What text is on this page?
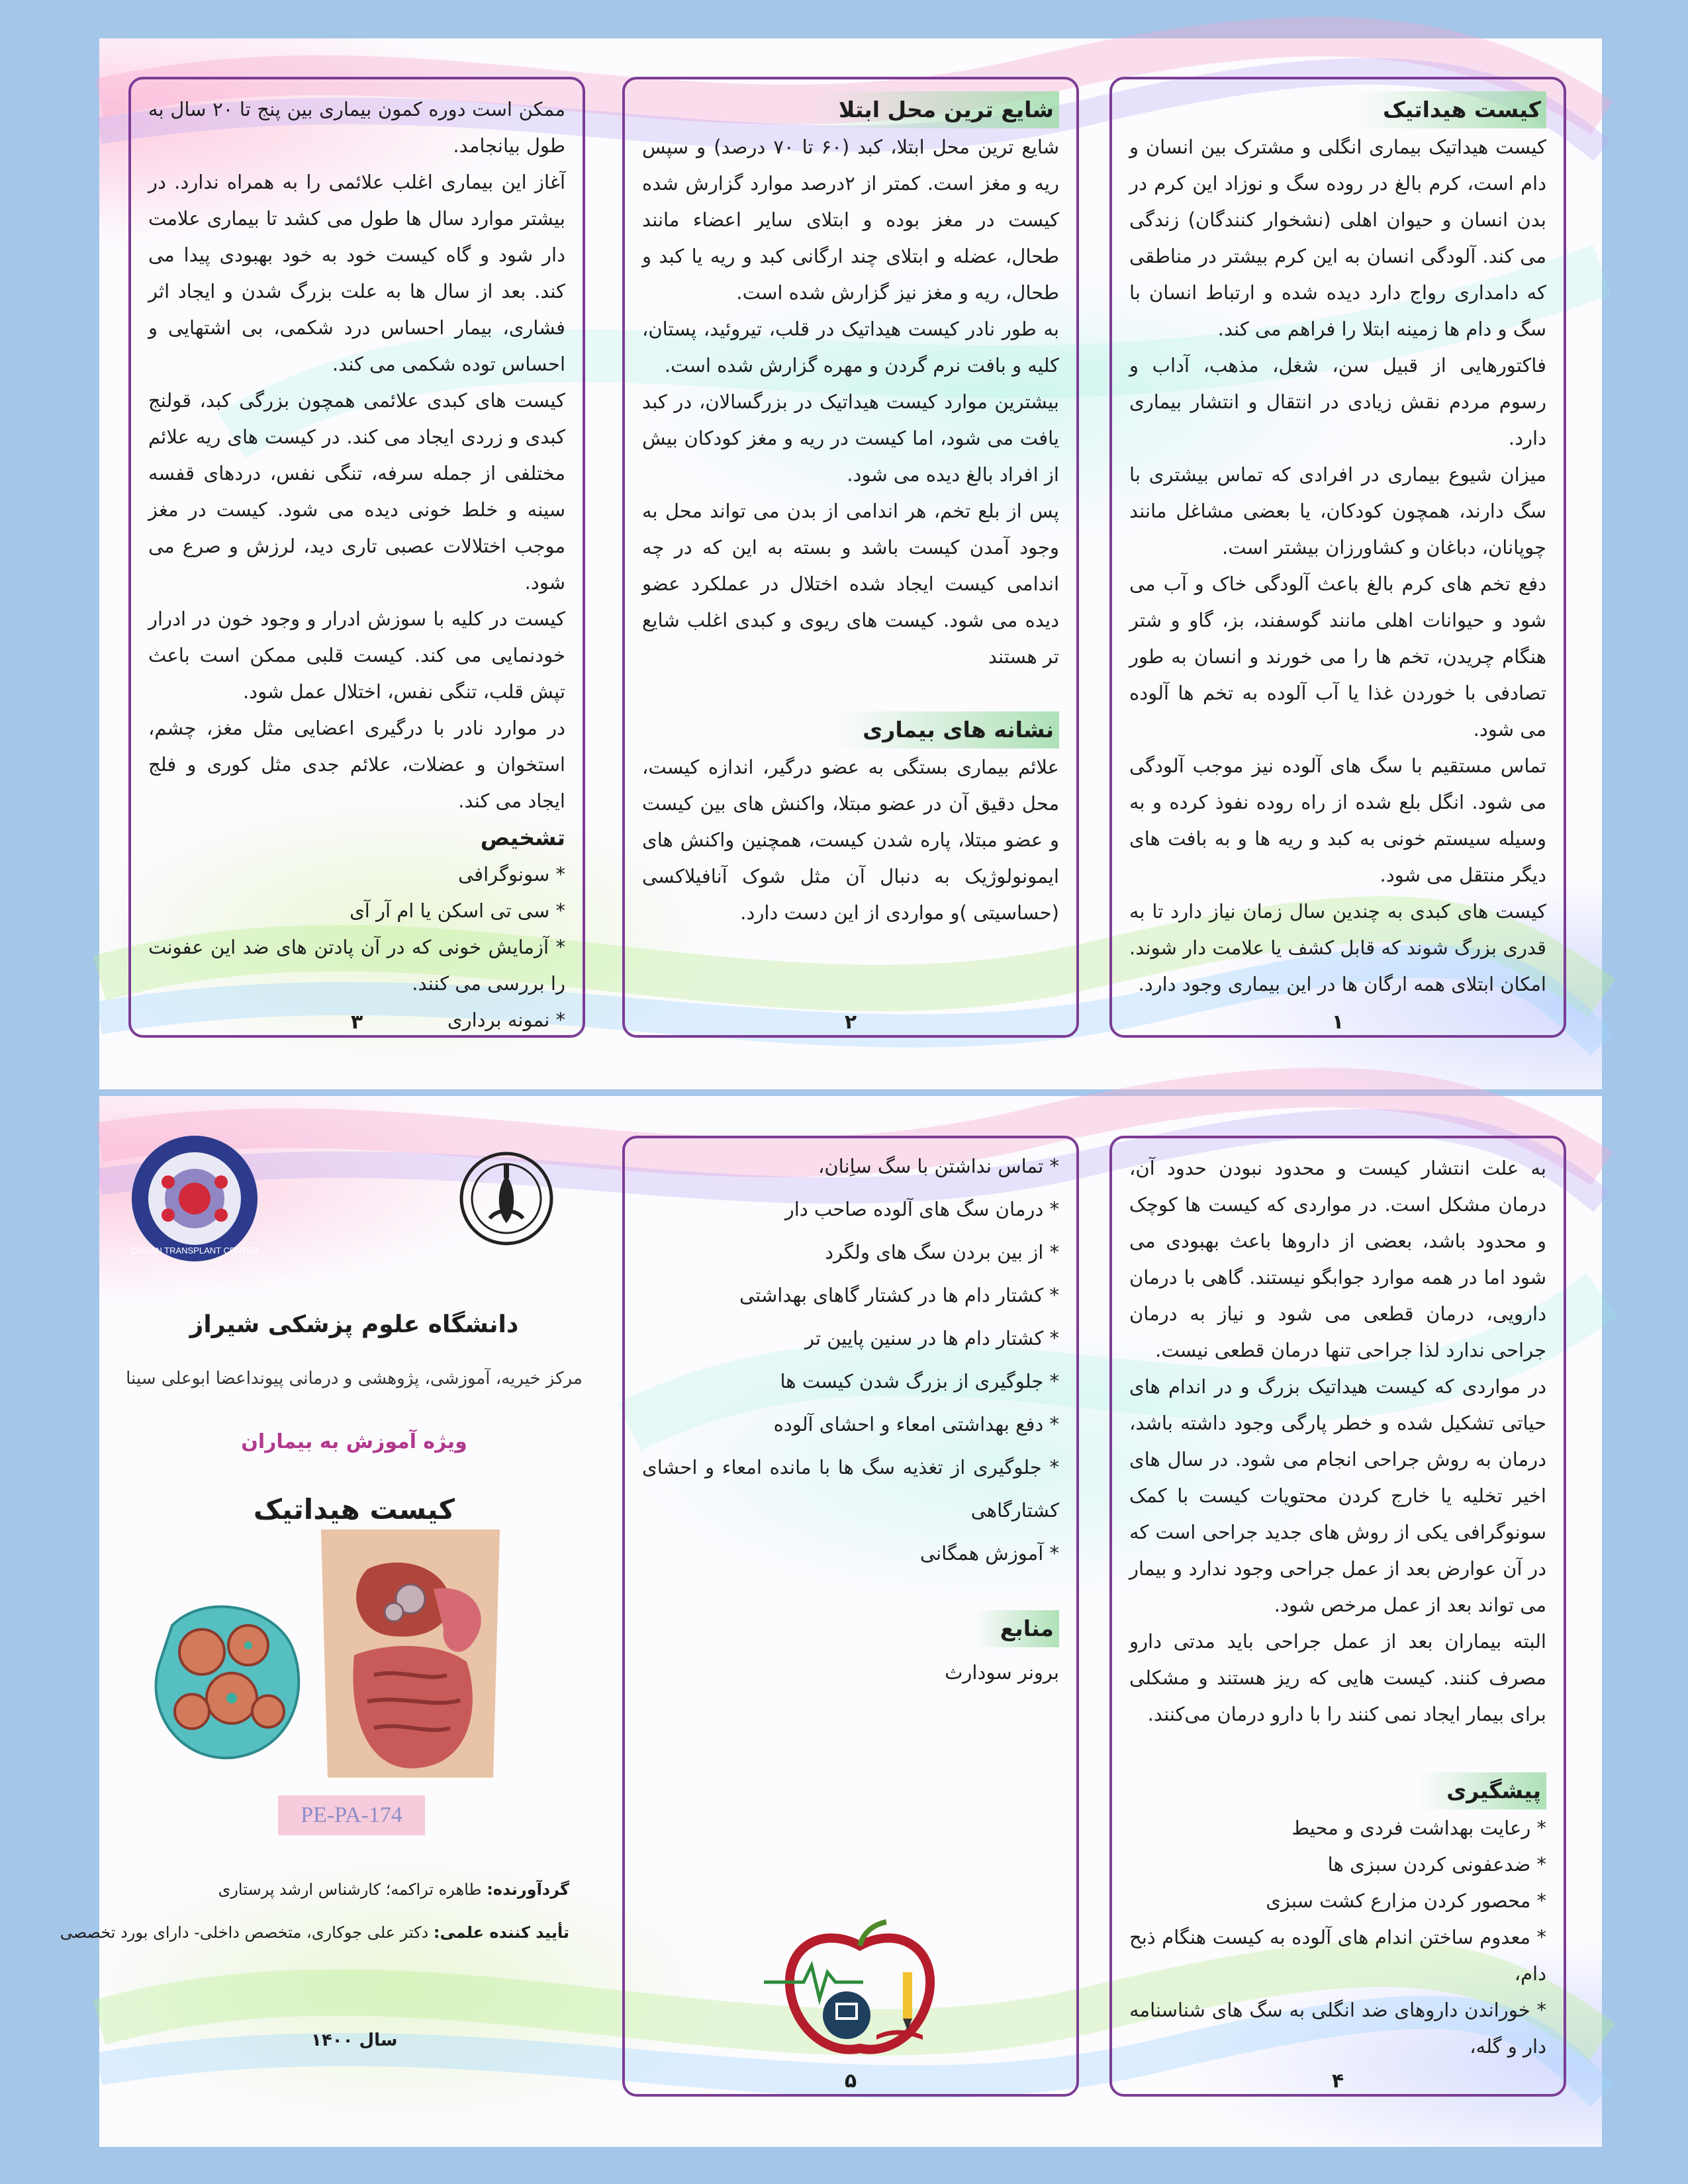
کیست هیداتیک

کیست هیداتیک بیماری انگلی و مشترک بین انسان و دام است، کرم بالغ در روده سگ و نوزاد این کرم در بدن انسان و حیوان اهلی (نشخوار کنندگان) زندگی می کند. آلودگی انسان به این کرم بیشتر در مناطقی که دامداری رواج دارد دیده شده و ارتباط انسان با سگ و دام ها زمینه ابتلا را فراهم می کند.

فاکتورهایی از قبیل سن، شغل، مذهب، آداب و رسوم مردم نقش زیادی در انتقال و انتشار بیماری دارد.

میزان شیوع بیماری در افرادی که تماس بیشتری با سگ دارند، همچون کودکان، یا بعضی مشاغل مانند چوپانان، دباغان و کشاورزان بیشتر است.

دفع تخم های کرم بالغ باعث آلودگی خاک و آب می شود و حیوانات اهلی مانند گوسفند، بز، گاو و شتر هنگام چریدن، تخم ها را می خورند و انسان به طور تصادفی با خوردن غذا یا آب آلوده به تخم ها آلوده می شود.

تماس مستقیم با سگ های آلوده نیز موجب آلودگی می شود. انگل بلع شده از راه روده نفوذ کرده و به وسیله سیستم خونی به کبد و ریه ها و به بافت های دیگر منتقل می شود.

کیست های کبدی به چندین سال زمان نیاز دارد تا به قدری بزرگ شوند که قابل کشف یا علامت دار شوند. امکان ابتلای همه ارگان ها در این بیماری وجود دارد.

۱
شایع ترین محل ابتلا

شایع ترین محل ابتلا، کبد (۶۰ تا ۷۰ درصد) و سپس ریه و مغز است. کمتر از ۲درصد موارد گزارش شده کیست در مغز بوده و ابتلای سایر اعضاء مانند طحال، عضله و ابتلای چند ارگانی کبد و ریه یا کبد و طحال، ریه و مغز نیز گزارش شده است.

به طور نادر کیست هیداتیک در قلب، تیروئید، پستان، کلیه و بافت نرم گردن و مهره گزارش شده است.

بیشترین موارد کیست هیداتیک در بزرگسالان، در کبد یافت می شود، اما کیست در ریه و مغز کودکان بیش از افراد بالغ دیده می شود.

پس از بلع تخم، هر اندامی از بدن می تواند محل به وجود آمدن کیست باشد و بسته به این که در چه اندامی کیست ایجاد شده اختلال در عملکرد عضو دیده می شود. کیست های ریوی و کبدی اغلب شایع تر هستند

نشانه های بیماری

علائم بیماری بستگی به عضو درگیر، اندازه کیست، محل دقیق آن در عضو مبتلا، واکنش های بین کیست و عضو مبتلا، پاره شدن کیست، همچنین واکنش های ایمونولوژیک به دنبال آن مثل شوک آنافیلاکسی (حساسیتی )و مواردی از این دست دارد.

۲

ممکن است دوره کمون بیماری بین پنج تا ۲۰ سال به طول بیانجامد.

آغاز این بیماری اغلب علائمی را به همراه ندارد. در بیشتر موارد سال ها طول می کشد تا بیماری علامت دار شود و گاه کیست خود به خود بهبودی پیدا می کند. بعد از سال ها به علت بزرگ شدن و ایجاد اثر فشاری، بیمار احساس درد شکمی، بی اشتهایی و احساس توده شکمی می کند.

کیست های کبدی علائمی همچون بزرگی کبد، قولنج کبدی و زردی ایجاد می کند. در کیست های ریه علائم مختلفی از جمله سرفه، تنگی نفس، دردهای قفسه سینه و خلط خونی دیده می شود. کیست در مغز موجب اختلالات عصبی تاری دید، لرزش و صرع می شود.

کیست در کلیه با سوزش ادرار و وجود خون در ادرار خودنمایی می کند. کیست قلبی ممکن است باعث تپش قلب، تنگی نفس، اختلال عمل شود.

در موارد نادر با درگیری اعضایی مثل مغز، چشم، استخوان و عضلات، علائم جدی مثل کوری و فلج ایجاد می کند.

تشخیص

* سونوگرافی

* سی تی اسکن یا ام آر آی

* آزمایش خونی که در آن پادتن های ضد این عفونت را بررسی می کنند.

* نمونه برداری

۳

به علت انتشار کیست و محدود نبودن حدود آن، درمان مشکل است. در مواردی که کیست ها کوچک و محدود باشد، بعضی از داروها باعث بهبودی می شود اما در همه موارد جوابگو نیستند. گاهی با درمان دارویی، درمان قطعی می شود و نیاز به درمان جراحی ندارد لذا جراحی تنها درمان قطعی نیست.

در مواردی که کیست هیداتیک بزرگ و در اندام های حیاتی تشکیل شده و خطر پارگی وجود داشته باشد، درمان به روش جراحی انجام می شود. در سال های اخیر تخلیه یا خارج کردن محتویات کیست با کمک سونوگرافی یکی از روش های جدید جراحی است که در آن عوارض بعد از عمل جراحی وجود ندارد و بیمار می تواند بعد از عمل مرخص شود.

البته بیماران بعد از عمل جراحی باید مدتی دارو مصرف کنند. کیست هایی که ریز هستند و مشکلی برای بیمار ایجاد نمی کنند را با دارو درمان می‌کنند.

پیشگیری

* رعایت بهداشت فردی و محیط

* ضدعفونی کردن سبزی ها

* محصور کردن مزارع کشت سبزی

* معدوم ساختن اندام های آلوده به کیست هنگام ذبح دام،

* خوراندن داروهای ضد انگلی به سگ های شناسنامه دار و گله،

۴

* تماس نداشتن با سگ ساِنان،

* درمان سگ های آلوده صاحب دار

* از بین بردن سگ های ولگرد

* کشتار دام ها در کشتار گاهای بهداشتی

* کشتار دام ها در سنین پایین تر

* جلوگیری از بزرگ شدن کیست ها

* دفع بهداشتی امعاء و احشای آلوده

* جلوگیری از تغذیه سگ ها با مانده امعاء و احشای کشتارگاهی

* آموزش همگانی

منابع

برونر سودارث

۵
ORGAN TRANSPLANT CENTER
دانشگاه علوم پزشکی شیراز
مرکز خیریه، آموزشی، پژوهشی و درمانی پیونداعضا ابوعلی سینا
ویژه آموزش به بیماران
کیست هیداتیک
PE-PA-174
گردآورنده: طاهره تراکمه؛ کارشناس ارشد پرستاری
تأیید کننده علمی: دکتر علی جوکاری، متخصص داخلی- دارای بورد تخصصی
سال ۱۴۰۰
